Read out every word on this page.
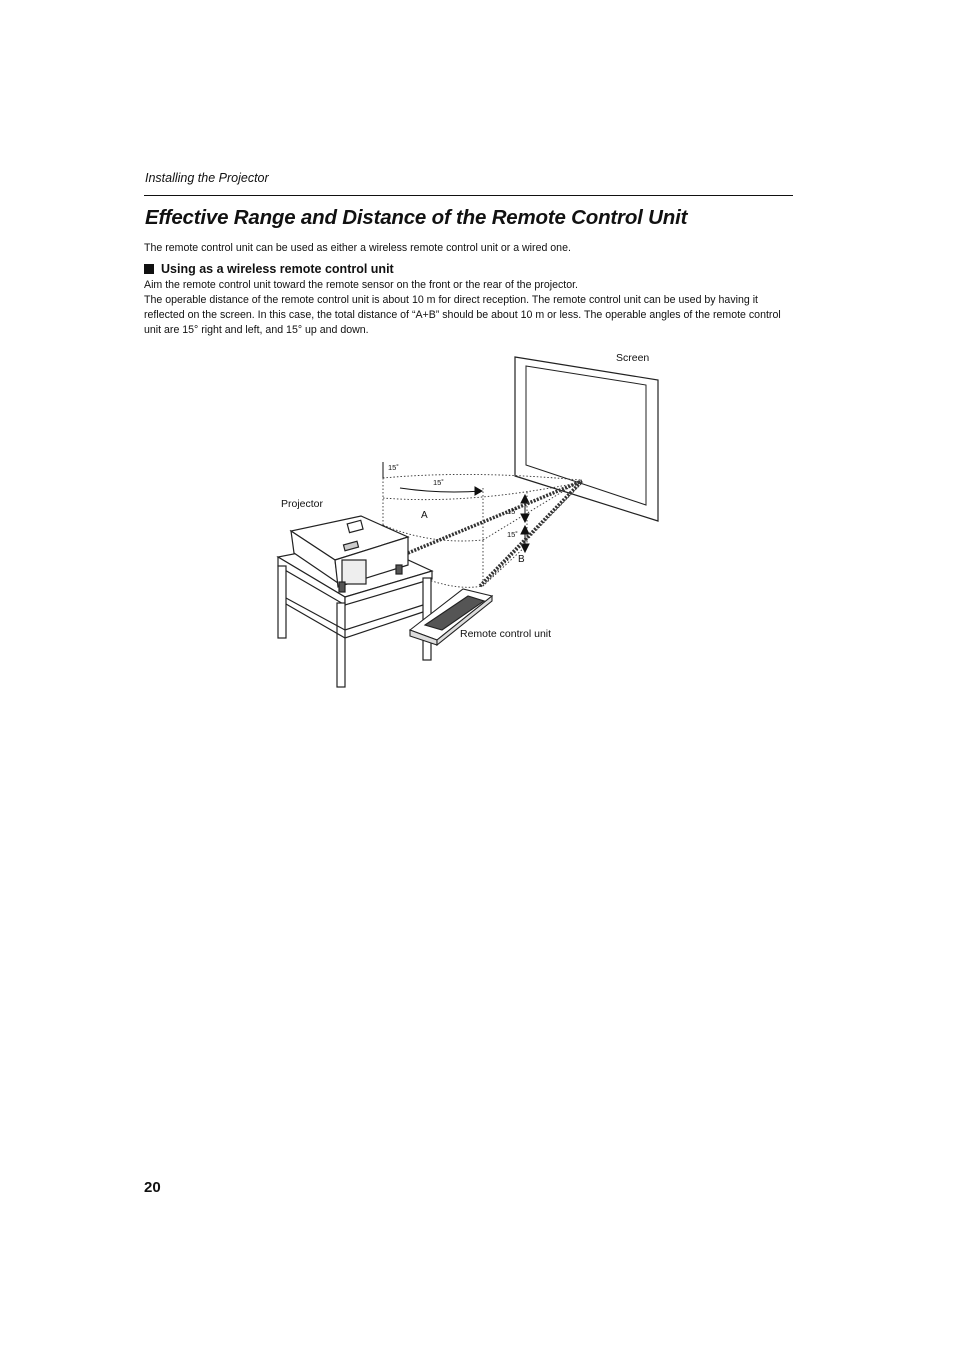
Installing the Projector
Effective Range and Distance of the Remote Control Unit

The remote control unit can be used as either a wireless remote control unit or a wired one.

Using as a wireless remote control unit

Aim the remote control unit toward the remote sensor on the front or the rear of the projector.

The operable distance of the remote control unit is about 10 m for direct reception. The remote control unit can be used by having it reflected on the screen. In this case, the total distance of “A+B” should be about 10 m or less. The operable angles of the remote control unit are 15° right and left, and 15° up and down.

Screen
Projector
Remote control unit
A
B
15˚
15˚
15˚
15˚
20
